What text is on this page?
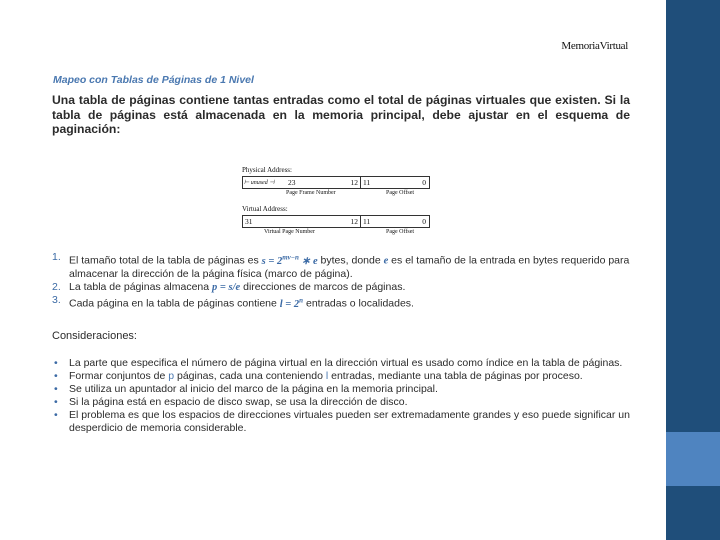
MemoriaVirtual
Mapeo con Tablas de Páginas de 1 Nivel
Una tabla de páginas contiene tantas entradas como el total de páginas virtuales que existen. Si la tabla de páginas está almacenada en la memoria principal, debe ajustar en el esquema de paginación:
Physical Address:
⊢ unused ⊣ 23	12 11	0
Page Frame Number	Page Offset
Virtual Address:
31	12 11	0
Virtual Page Number	Page Offset
1. El tamaño total de la tabla de páginas es $s = 2^{mv-n}$ ∗ e bytes, donde e es el tamaño de la entrada en bytes requerido para almacenar la dirección de la página física (marco de página).
2. La tabla de páginas almacena p = s/e direcciones de marcos de páginas.
3. Cada página en la tabla de páginas contiene $l = 2^n$ entradas o localidades.
Consideraciones:
• La parte que especifica el número de página virtual en la dirección virtual es usado como índice en la tabla de páginas.
• Formar conjuntos de p páginas, cada una conteniendo l entradas, mediante una tabla de páginas por proceso.
• Se utiliza un apuntador al inicio del marco de la página en la memoria principal.
• Si la página está en espacio de disco swap, se usa la dirección de disco.
• El problema es que los espacios de direcciones virtuales pueden ser extremadamente grandes y eso puede significar un desperdicio de memoria considerable.
